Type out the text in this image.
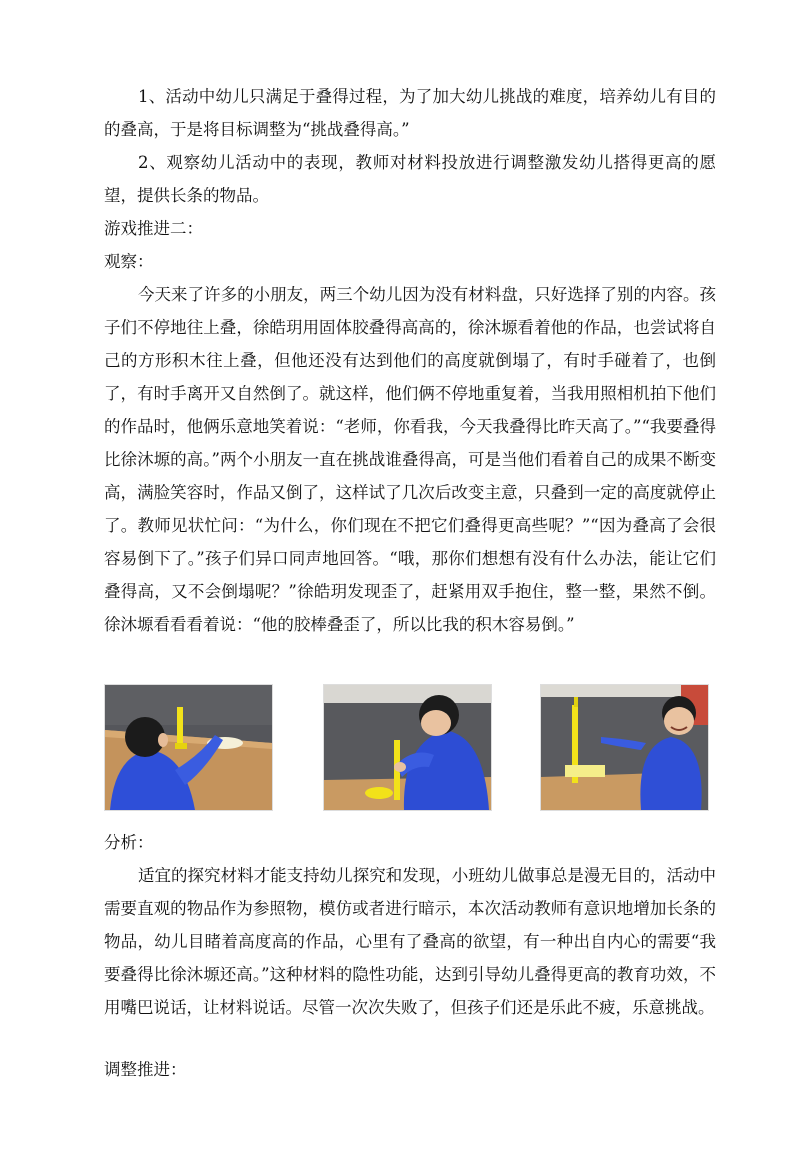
1、活动中幼儿只满足于叠得过程，为了加大幼儿挑战的难度，培养幼儿有目的的叠高，于是将目标调整为“挑战叠得高。”

2、观察幼儿活动中的表现，教师对材料投放进行调整激发幼儿搭得更高的愿望，提供长条的物品。

游戏推进二：

观察：

今天来了许多的小朋友，两三个幼儿因为没有材料盘，只好选择了别的内容。孩子们不停地往上叠，徐皓玥用固体胶叠得高高的，徐沐塬看着他的作品，也尝试将自己的方形积木往上叠，但他还没有达到他们的高度就倒塌了，有时手碰着了，也倒了，有时手离开又自然倒了。就这样，他们俩不停地重复着，当我用照相机拍下他们的作品时，他俩乐意地笑着说：“老师，你看我，今天我叠得比昨天高了。”“我要叠得比徐沐塬的高。”两个小朋友一直在挑战谁叠得高，可是当他们看着自己的成果不断变高，满脸笑容时，作品又倒了，这样试了几次后改变主意，只叠到一定的高度就停止了。教师见状忙问：“为什么，你们现在不把它们叠得更高些呢？”“因为叠高了会很容易倒下了。”孩子们异口同声地回答。“哦，那你们想想有没有什么办法，能让它们叠得高，又不会倒塌呢？”徐皓玥发现歪了，赶紧用双手抱住，整一整，果然不倒。徐沐塬看看看着说：“他的胶棒叠歪了，所以比我的积木容易倒。”

分析：

适宜的探究材料才能支持幼儿探究和发现，小班幼儿做事总是漫无目的，活动中需要直观的物品作为参照物，模仿或者进行暗示，本次活动教师有意识地增加长条的物品，幼儿目睹着高度高的作品，心里有了叠高的欲望，有一种出自内心的需要“我要叠得比徐沐塬还高。”这种材料的隐性功能，达到引导幼儿叠得更高的教育功效，不用嘴巴说话，让材料说话。尽管一次次失败了，但孩子们还是乐此不疲，乐意挑战。

调整推进：
